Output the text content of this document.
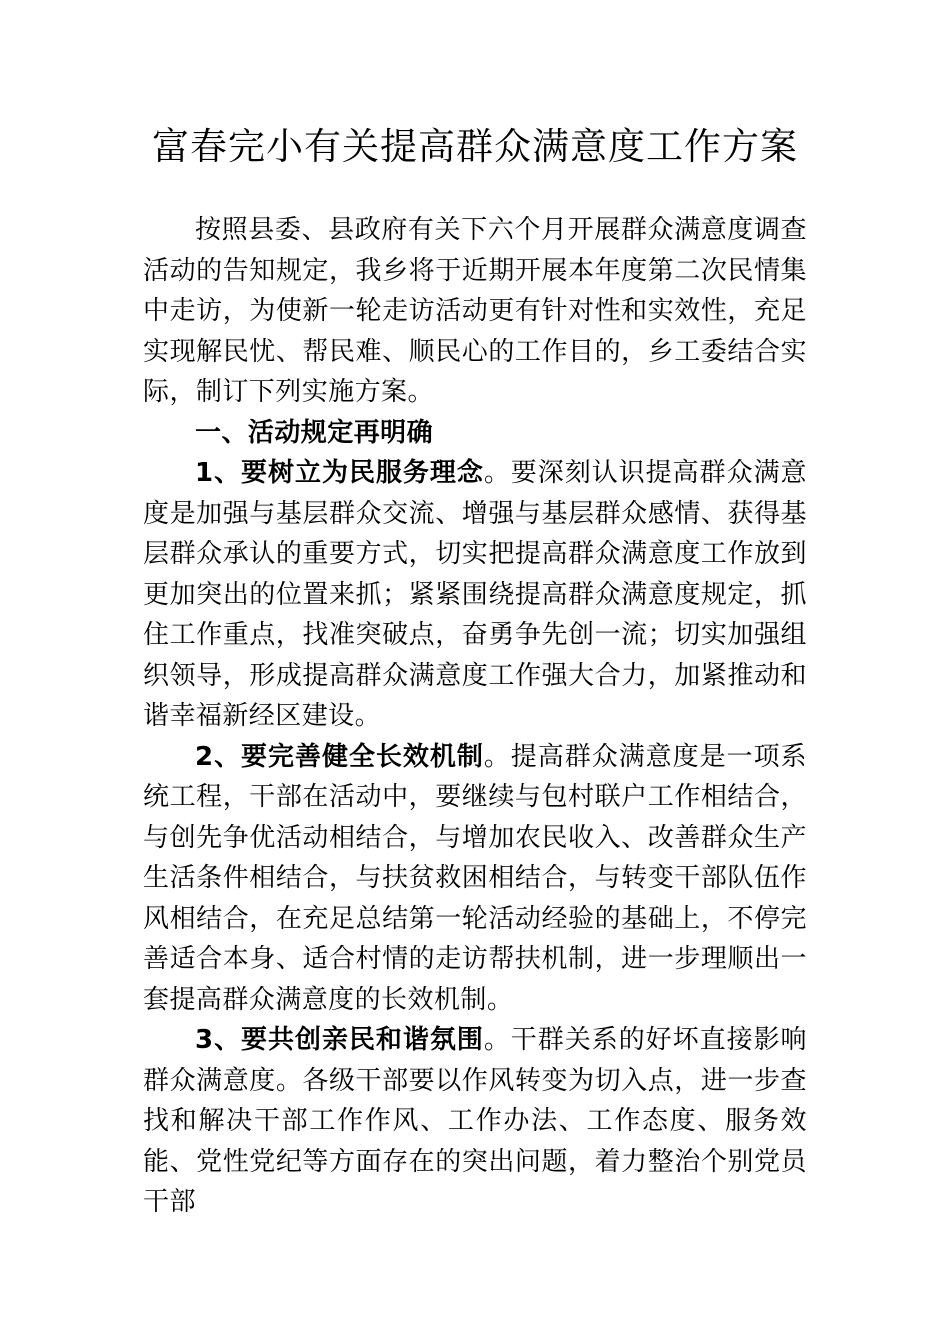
富春完小有关提高群众满意度工作方案

按照县委、县政府有关下六个月开展群众满意度调查活动的告知规定，我乡将于近期开展本年度第二次民情集中走访，为使新一轮走访活动更有针对性和实效性，充足实现解民忧、帮民难、顺民心的工作目的，乡工委结合实际，制订下列实施方案。

一、活动规定再明确

1、要树立为民服务理念。要深刻认识提高群众满意度是加强与基层群众交流、增强与基层群众感情、获得基层群众承认的重要方式，切实把提高群众满意度工作放到更加突出的位置来抓；紧紧围绕提高群众满意度规定，抓住工作重点，找准突破点，奋勇争先创一流；切实加强组织领导，形成提高群众满意度工作强大合力，加紧推动和谐幸福新经区建设。

2、要完善健全长效机制。提高群众满意度是一项系统工程，干部在活动中，要继续与包村联户工作相结合，与创先争优活动相结合，与增加农民收入、改善群众生产生活条件相结合，与扶贫救困相结合，与转变干部队伍作风相结合，在充足总结第一轮活动经验的基础上，不停完善适合本身、适合村情的走访帮扶机制，进一步理顺出一套提高群众满意度的长效机制。

3、要共创亲民和谐氛围。干群关系的好坏直接影响群众满意度。各级干部要以作风转变为切入点，进一步查找和解决干部工作作风、工作办法、工作态度、服务效能、党性党纪等方面存在的突出问题，着力整治个别党员干部
